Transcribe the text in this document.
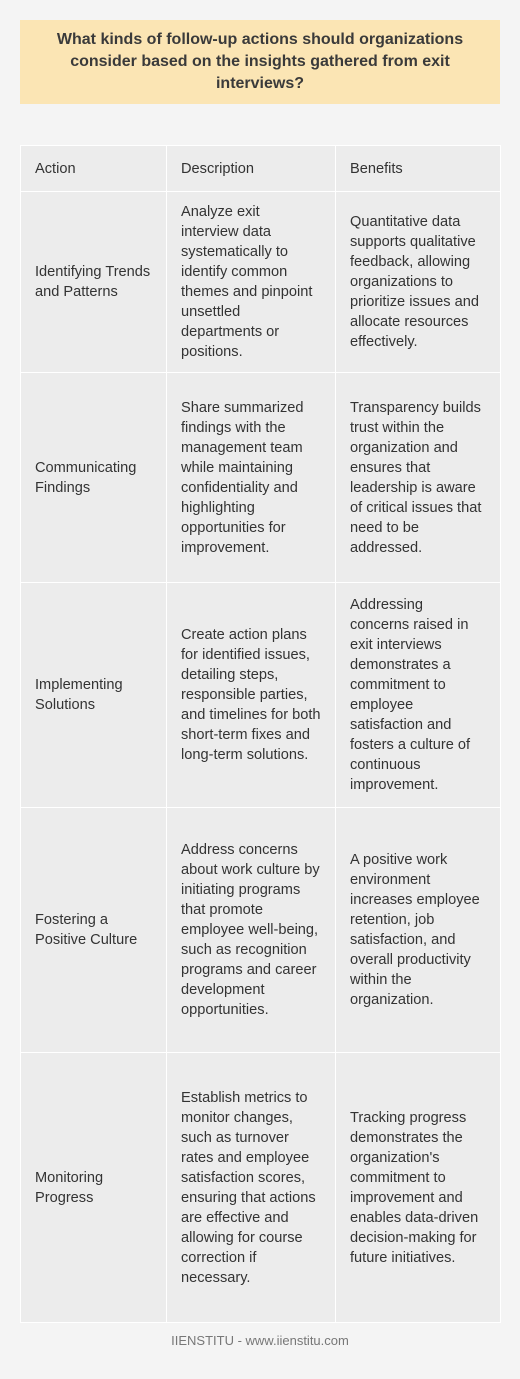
What kinds of follow-up actions should organizations consider based on the insights gathered from exit interviews?
Action	Description	Benefits
Identifying Trends and Patterns	Analyze exit interview data systematically to identify common themes and pinpoint unsettled departments or positions.	Quantitative data supports qualitative feedback, allowing organizations to prioritize issues and allocate resources effectively.
Communicating Findings	Share summarized findings with the management team while maintaining confidentiality and highlighting opportunities for improvement.	Transparency builds trust within the organization and ensures that leadership is aware of critical issues that need to be addressed.
Implementing Solutions	Create action plans for identified issues, detailing steps, responsible parties, and timelines for both short-term fixes and long-term solutions.	Addressing concerns raised in exit interviews demonstrates a commitment to employee satisfaction and fosters a culture of continuous improvement.
Fostering a Positive Culture	Address concerns about work culture by initiating programs that promote employee well-being, such as recognition programs and career development opportunities.	A positive work environment increases employee retention, job satisfaction, and overall productivity within the organization.
Monitoring Progress	Establish metrics to monitor changes, such as turnover rates and employee satisfaction scores, ensuring that actions are effective and allowing for course correction if necessary.	Tracking progress demonstrates the organization's commitment to improvement and enables data-driven decision-making for future initiatives.
IIENSTITU - www.iienstitu.com
